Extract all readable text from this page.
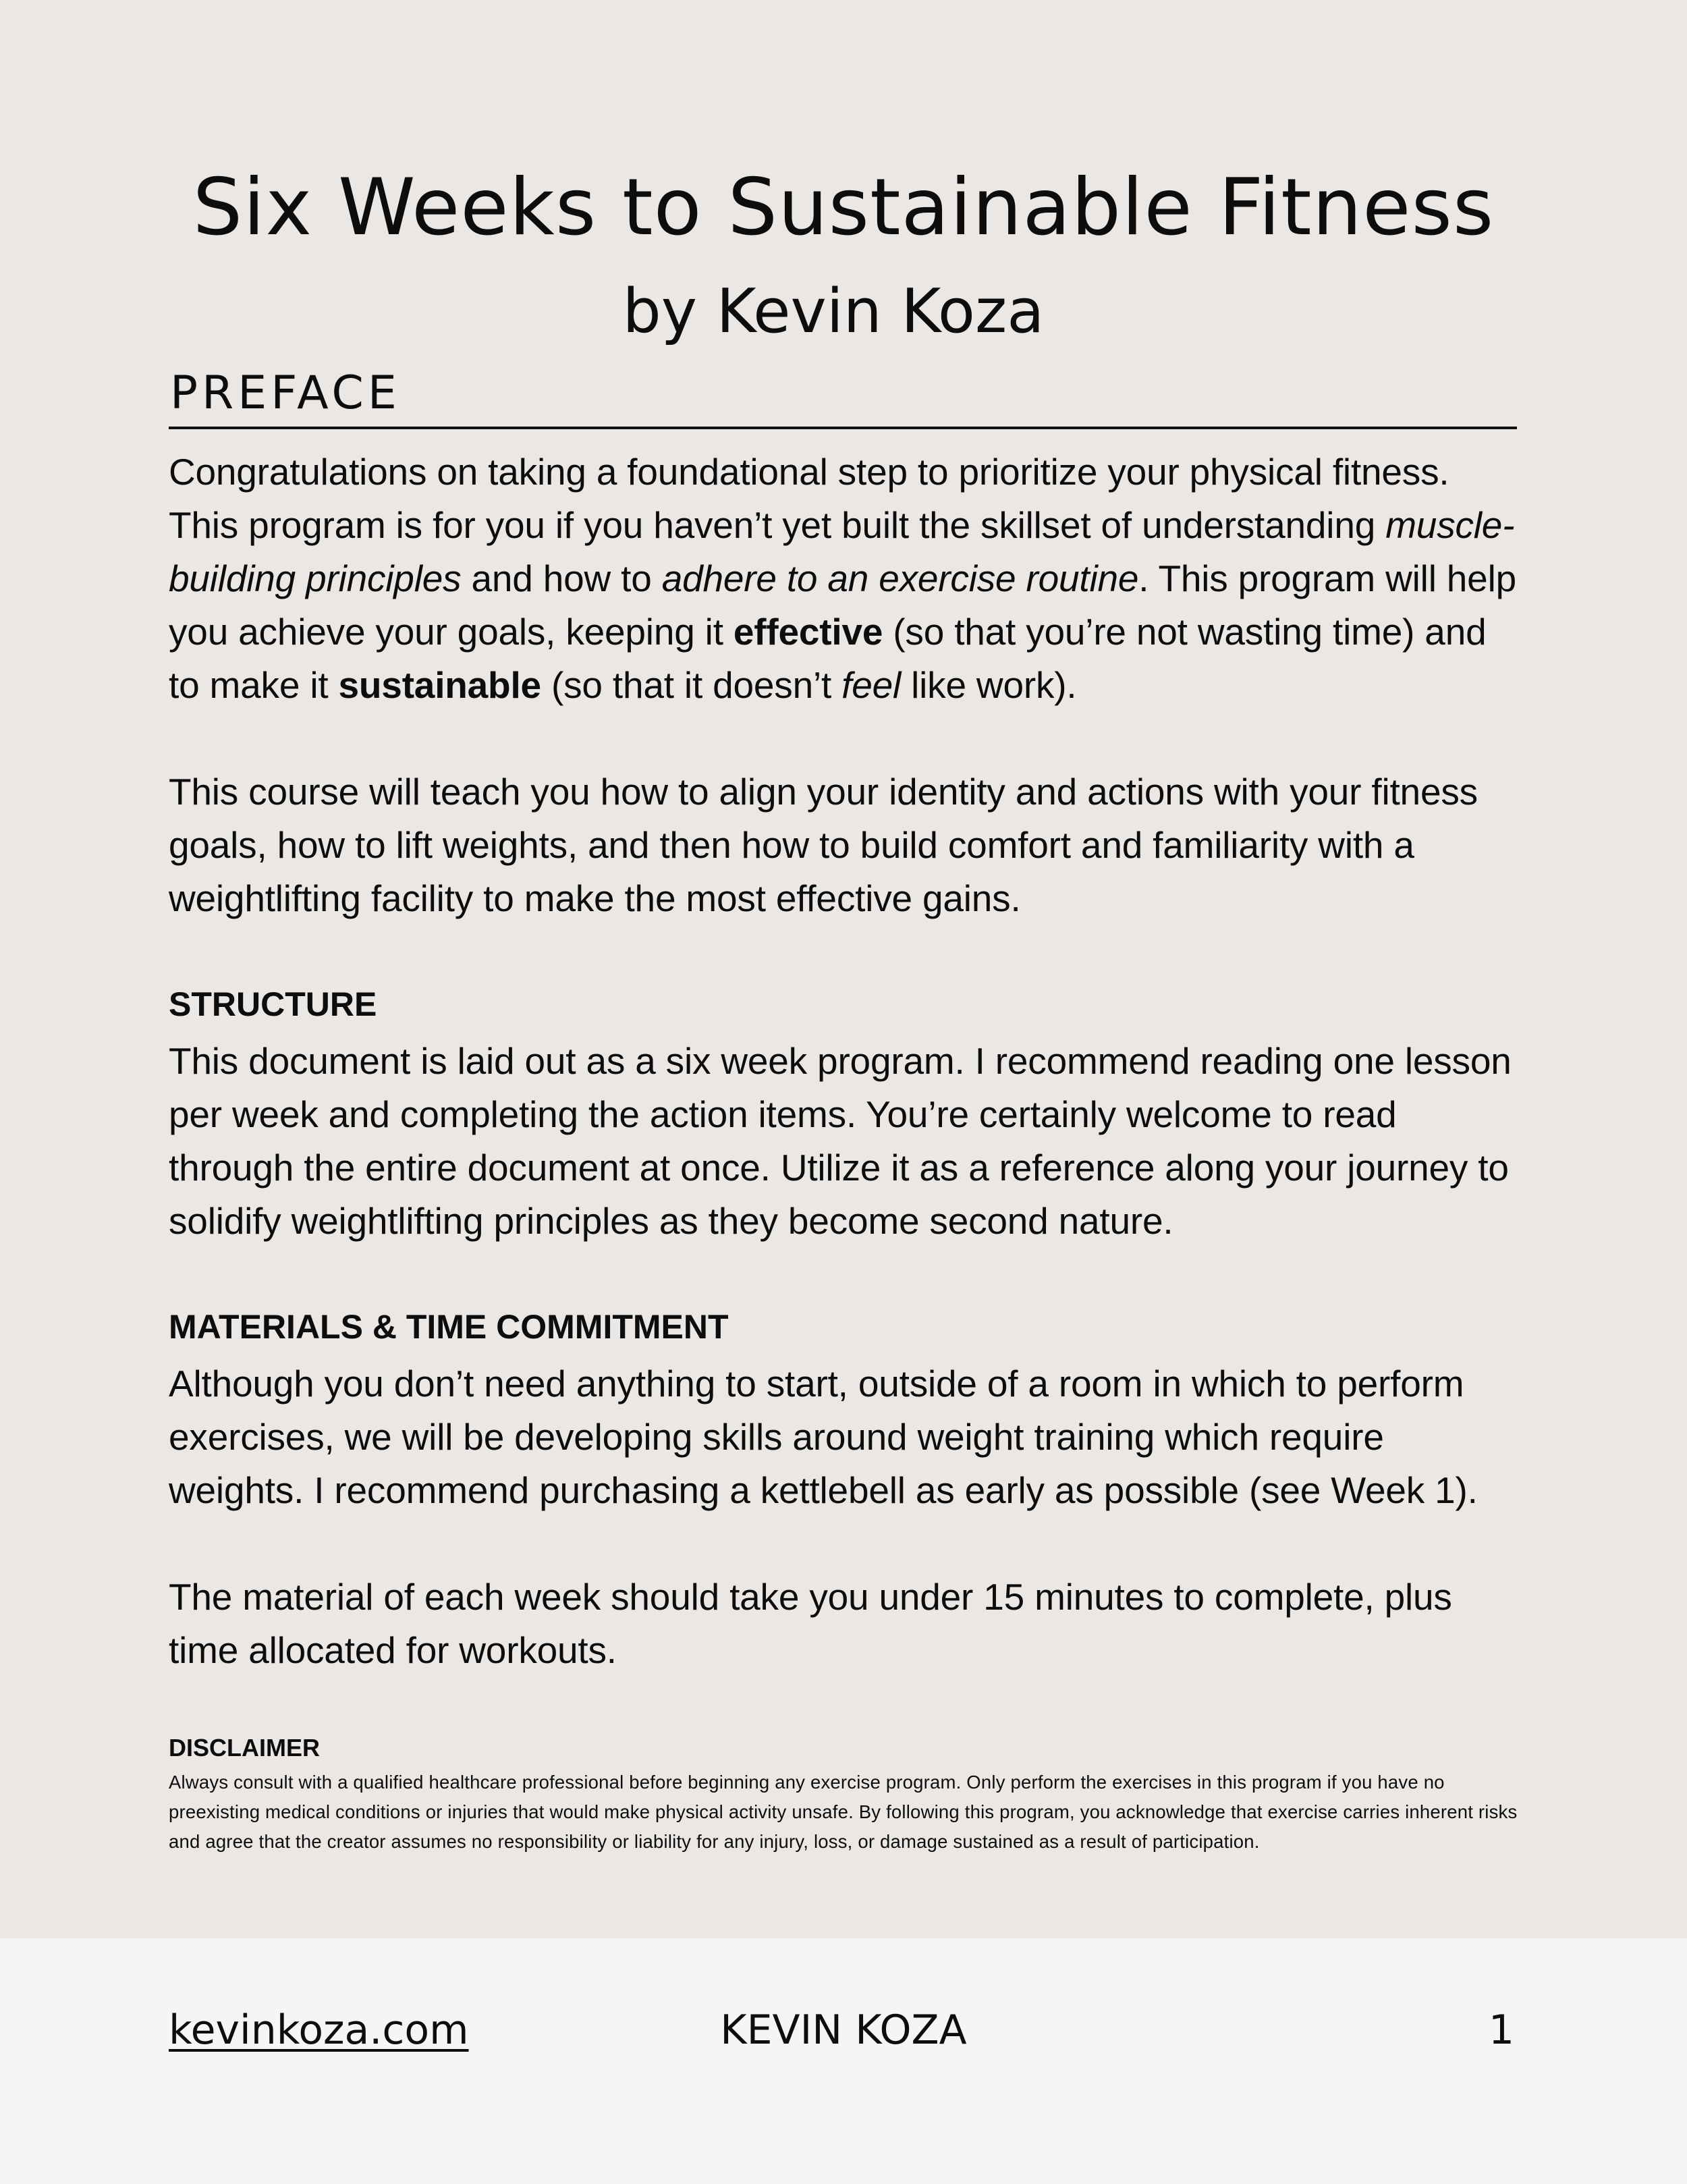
Six Weeks to Sustainable Fitness
by Kevin Koza
PREFACE

Congratulations on taking a foundational step to prioritize your physical fitness. This program is for you if you haven’t yet built the skillset of understanding muscle-building principles and how to adhere to an exercise routine. This program will help you achieve your goals, keeping it effective (so that you’re not wasting time) and to make it sustainable (so that it doesn’t feel like work).

This course will teach you how to align your identity and actions with your fitness goals, how to lift weights, and then how to build comfort and familiarity with a weightlifting facility to make the most effective gains.

STRUCTURE

This document is laid out as a six week program. I recommend reading one lesson per week and completing the action items. You’re certainly welcome to read through the entire document at once. Utilize it as a reference along your journey to solidify weightlifting principles as they become second nature.

MATERIALS & TIME COMMITMENT

Although you don’t need anything to start, outside of a room in which to perform exercises, we will be developing skills around weight training which require weights. I recommend purchasing a kettlebell as early as possible (see Week 1).

The material of each week should take you under 15 minutes to complete, plus time allocated for workouts.

DISCLAIMER

Always consult with a qualified healthcare professional before beginning any exercise program. Only perform the exercises in this program if you have no preexisting medical conditions or injuries that would make physical activity unsafe. By following this program, you acknowledge that exercise carries inherent risks and agree that the creator assumes no responsibility or liability for any injury, loss, or damage sustained as a result of participation.

kevinkoza.com	KEVIN KOZA	1
